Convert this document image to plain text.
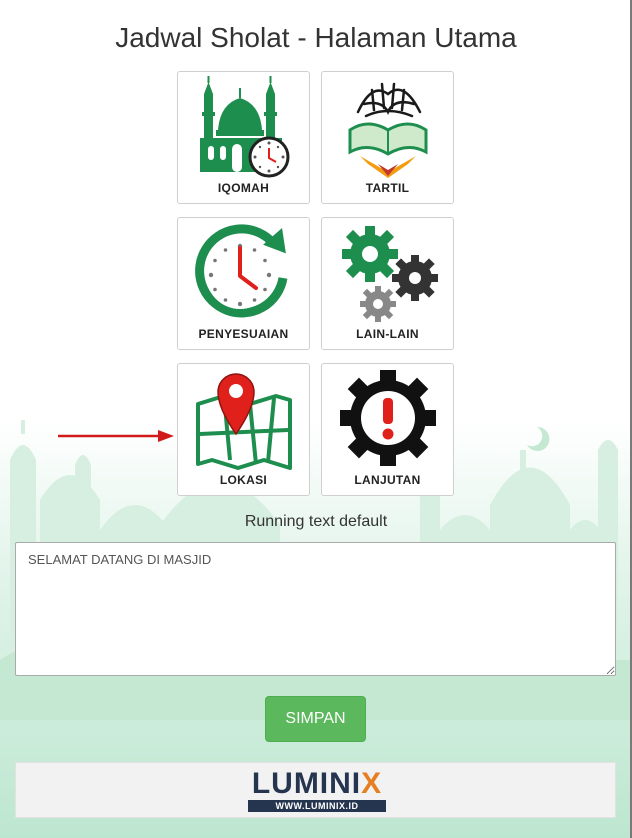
Jadwal Sholat - Halaman Utama
IQOMAH	TARTIL
PENYESUAIAN	LAIN-LAIN
LOKASI	LANJUTAN
Running text default
SELAMAT DATANG DI MASJID
SIMPAN
LUMINIX
WWW.LUMINIX.ID
